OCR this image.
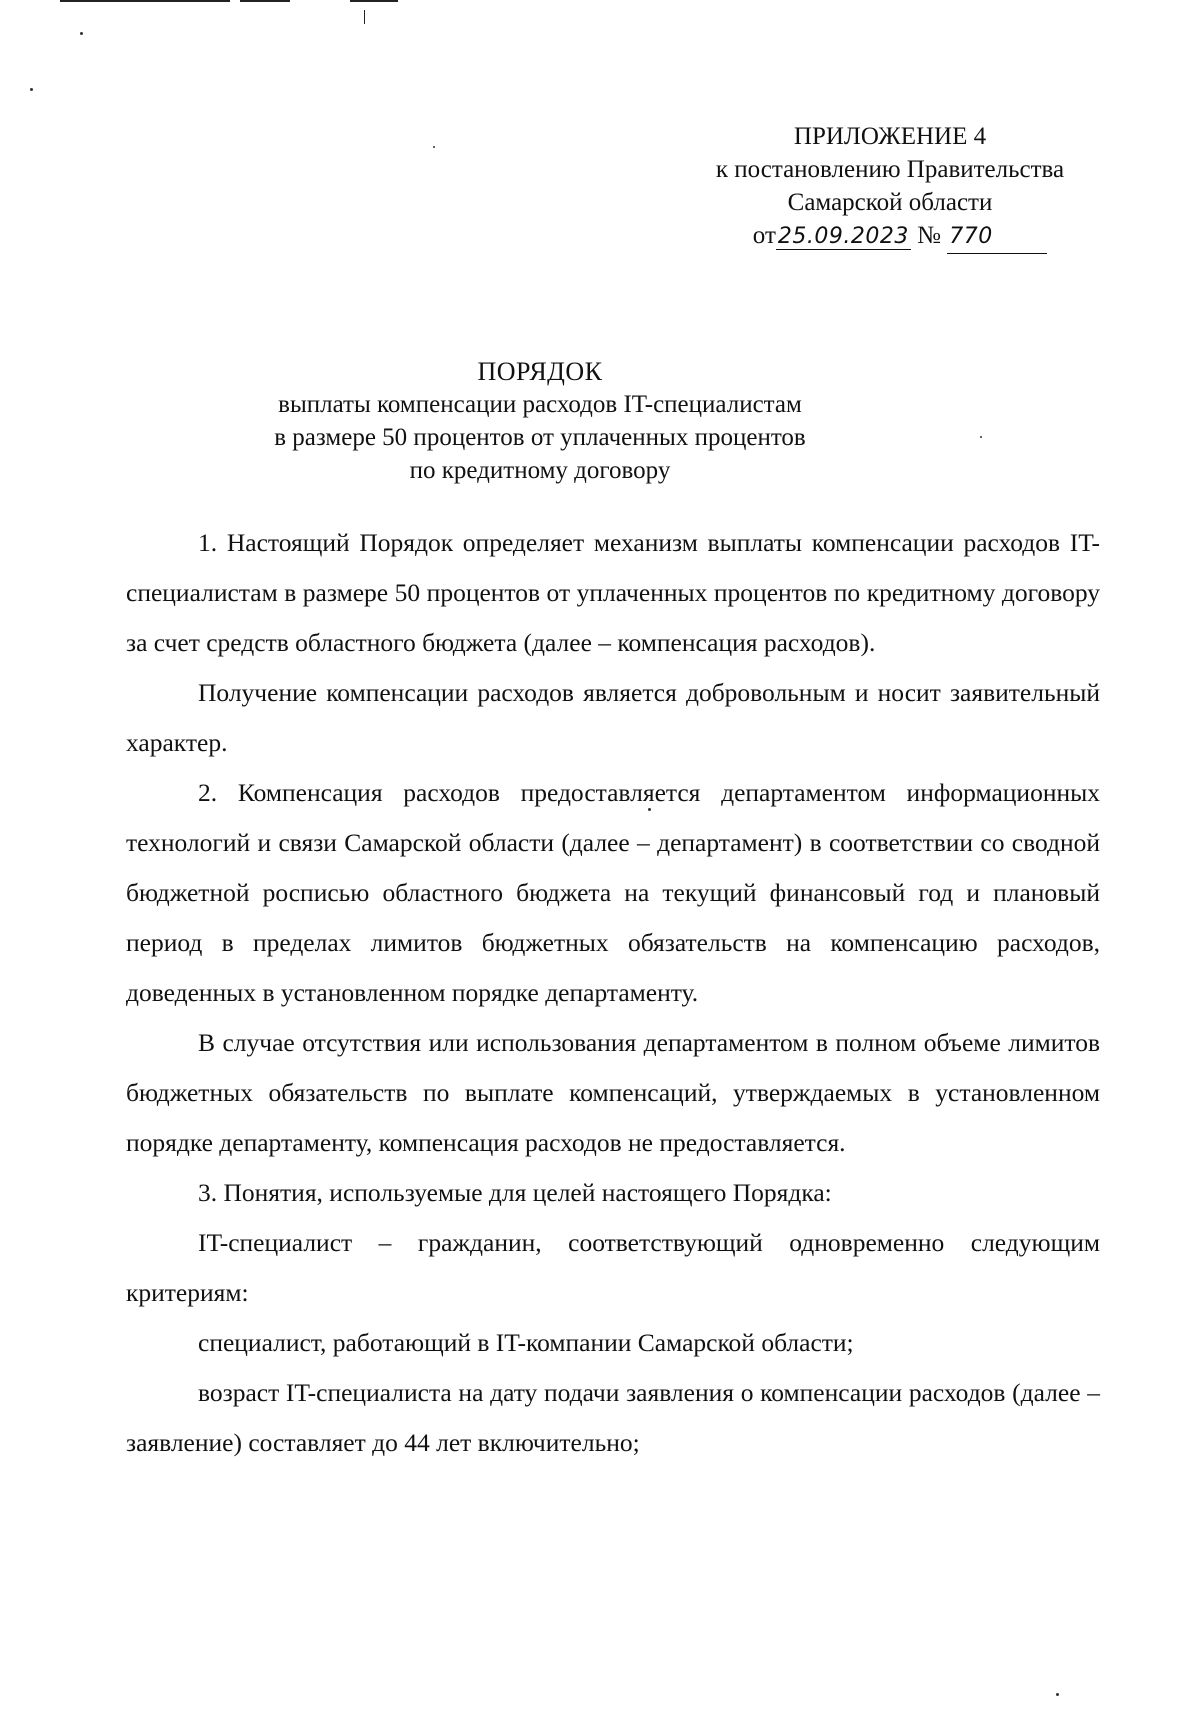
ПРИЛОЖЕНИЕ 4
к постановлению Правительства
Самарской области
от25.09.2023 № 770
ПОРЯДОК
выплаты компенсации расходов IT-специалистам
в размере 50 процентов от уплаченных процентов
по кредитному договору

1. Настоящий Порядок определяет механизм выплаты компенсации расходов IT-специалистам в размере 50 процентов от уплаченных процентов по кредитному договору за счет средств областного бюджета (далее – компенсация расходов).

Получение компенсации расходов является добровольным и носит заявительный характер.

2. Компенсация расходов предоставляется департаментом информационных технологий и связи Самарской области (далее – департамент) в соответствии со сводной бюджетной росписью областного бюджета на текущий финансовый год и плановый период в пределах лимитов бюджетных обязательств на компенсацию расходов, доведенных в установленном порядке департаменту.

В случае отсутствия или использования департаментом в полном объеме лимитов бюджетных обязательств по выплате компенсаций, утверждаемых в установленном порядке департаменту, компенсация расходов не предоставляется.

3. Понятия, используемые для целей настоящего Порядка:

IT-специалист – гражданин, соответствующий одновременно следующим критериям:

специалист, работающий в IT-компании Самарской области;

возраст IT-специалиста на дату подачи заявления о компенсации расходов (далее – заявление) составляет до 44 лет включительно;
